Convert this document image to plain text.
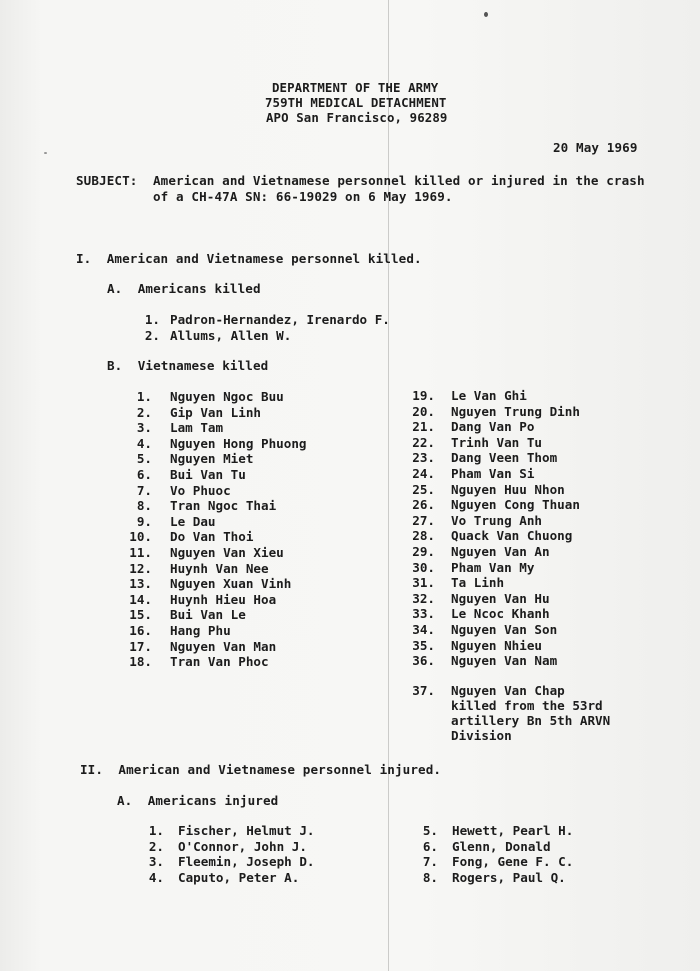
DEPARTMENT OF THE ARMY
759TH MEDICAL DETACHMENT
APO San Francisco, 96289
20 May 1969
SUBJECT: American and Vietnamese personnel killed or injured in the crash
of a CH-47A SN: 66-19029 on 6 May 1969.
I.  American and Vietnamese personnel killed.
A.  Americans killed
1. Padron-Hernandez, Irenardo F.
2. Allums, Allen W.
B.  Vietnamese killed
1. Nguyen Ngoc Buu
2. Gip Van Linh
3. Lam Tam
4. Nguyen Hong Phuong
5. Nguyen Miet
6. Bui Van Tu
7. Vo Phuoc
8. Tran Ngoc Thai
9. Le Dau
10. Do Van Thoi
11. Nguyen Van Xieu
12. Huynh Van Nee
13. Nguyen Xuan Vinh
14. Huynh Hieu Hoa
15. Bui Van Le
16. Hang Phu
17. Nguyen Van Man
18. Tran Van Phoc
19. Le Van Ghi
20. Nguyen Trung Dinh
21. Dang Van Po
22. Trinh Van Tu
23. Dang Veen Thom
24. Pham Van Si
25. Nguyen Huu Nhon
26. Nguyen Cong Thuan
27. Vo Trung Anh
28. Quack Van Chuong
29. Nguyen Van An
30. Pham Van My
31. Ta Linh
32. Nguyen Van Hu
33. Le Ncoc Khanh
34. Nguyen Van Son
35. Nguyen Nhieu
36. Nguyen Van Nam
37. Nguyen Van Chap
killed from the 53rd
artillery Bn 5th ARVN
Division
II.  American and Vietnamese personnel injured.
A.  Americans injured
1. Fischer, Helmut J.
2. O'Connor, John J.
3. Fleemin, Joseph D.
4. Caputo, Peter A.
5. Hewett, Pearl H.
6. Glenn, Donald
7. Fong, Gene F. C.
8. Rogers, Paul Q.
